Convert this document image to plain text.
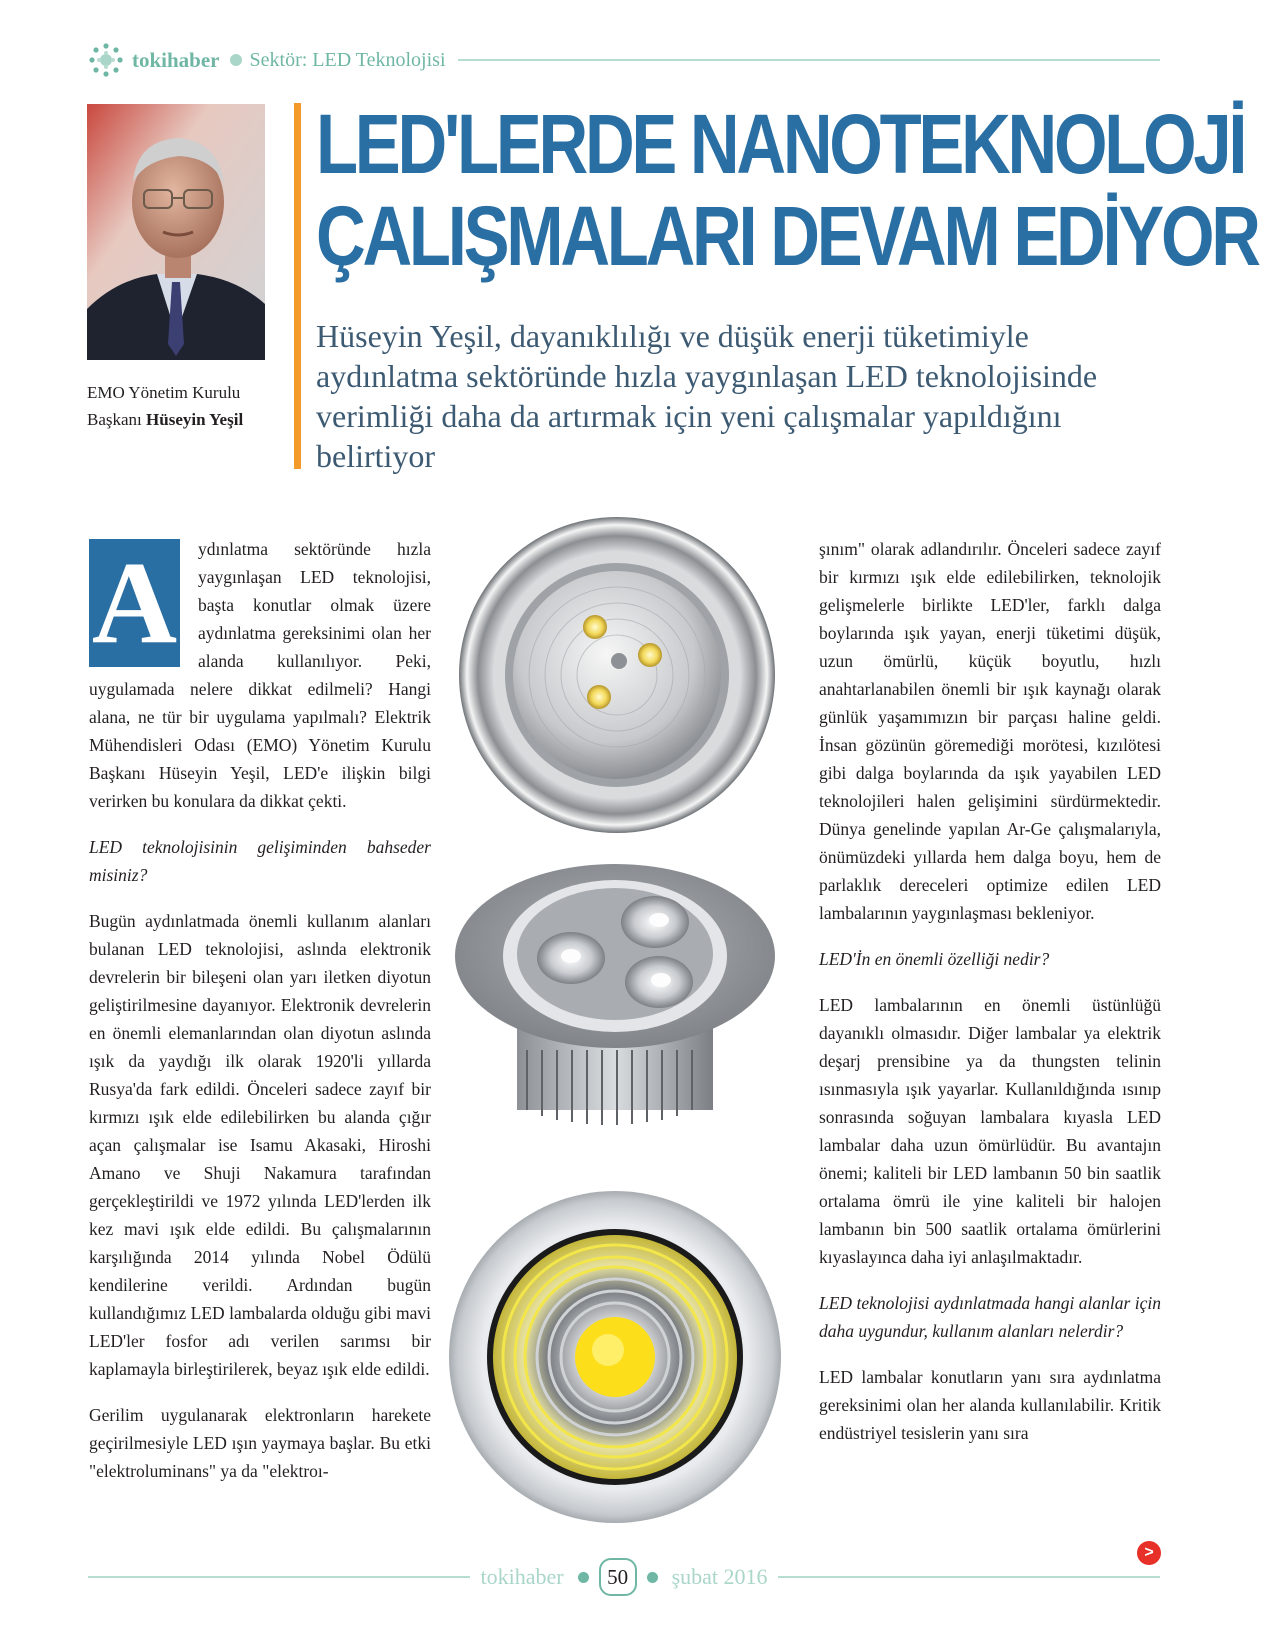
tokihaber Sektör: LED Teknolojisi
EMO Yönetim Kurulu Başkanı Hüseyin Yeşil
LED'LERDE NANOTEKNOLOJİ
ÇALIŞMALARI DEVAM EDİYOR
Hüseyin Yeşil, dayanıklılığı ve düşük enerji tüketimiyle aydınlatma sektöründe hızla yaygınlaşan LED teknolojisinde verimliği daha da artırmak için yeni çalışmalar yapıldığını belirtiyor
A	ydınlatma sektöründe hızla yaygınlaşan LED teknolojisi, başta konutlar olmak üzere aydınlatma gereksinimi olan her alanda kullanılıyor. Peki, uygulamada nelere dikkat edilmeli? Hangi alana, ne tür bir uygulama yapılmalı? Elektrik Mühendisleri Odası (EMO) Yönetim Kurulu Başkanı Hüseyin Yeşil, LED'e ilişkin bilgi verirken bu konulara da dikkat çekti.

LED teknolojisinin gelişiminden bahseder misiniz?

Bugün aydınlatmada önemli kullanım alanları bulanan LED teknolojisi, aslında elektronik devrelerin bir bileşeni olan yarı iletken diyotun geliştirilmesine dayanıyor. Elektronik devrelerin en önemli elemanlarından olan diyotun aslında ışık da yaydığı ilk olarak 1920'li yıllarda Rusya'da fark edildi. Önceleri sadece zayıf bir kırmızı ışık elde edilebilirken bu alanda çığır açan çalışmalar ise Isamu Akasaki, Hiroshi Amano ve Shuji Nakamura tarafından gerçekleştirildi ve 1972 yılında LED'lerden ilk kez mavi ışık elde edildi. Bu çalışmalarının karşılığında 2014 yılında Nobel Ödülü kendilerine verildi. Ardından bugün kullandığımız LED lambalarda olduğu gibi mavi LED'ler fosfor adı verilen sarımsı bir kaplamayla birleştirilerek, beyaz ışık elde edildi.

Gerilim uygulanarak elektronların harekete geçirilmesiyle LED ışın yaymaya başlar. Bu etki "elektroluminans" ya da "elektroı-

şınım" olarak adlandırılır. Önceleri sadece zayıf bir kırmızı ışık elde edilebilirken, teknolojik gelişmelerle birlikte LED'ler, farklı dalga boylarında ışık yayan, enerji tüketimi düşük, uzun ömürlü, küçük boyutlu, hızlı anahtarlanabilen önemli bir ışık kaynağı olarak günlük yaşamımızın bir parçası haline geldi. İnsan gözünün göremediği morötesi, kızılötesi gibi dalga boylarında da ışık yayabilen LED teknolojileri halen gelişimini sürdürmektedir. Dünya genelinde yapılan Ar-Ge çalışmalarıyla, önümüzdeki yıllarda hem dalga boyu, hem de parlaklık dereceleri optimize edilen LED lambalarının yaygınlaşması bekleniyor.

LED'İn en önemli özelliği nedir?

LED lambalarının en önemli üstünlüğü dayanıklı olmasıdır. Diğer lambalar ya elektrik deşarj prensibine ya da thungsten telinin ısınmasıyla ışık yayarlar. Kullanıldığında ısınıp sonrasında soğuyan lambalara kıyasla LED lambalar daha uzun ömürlüdür. Bu avantajın önemi; kaliteli bir LED lambanın 50 bin saatlik ortalama ömrü ile yine kaliteli bir halojen lambanın bin 500 saatlik ortalama ömürlerini kıyaslayınca daha iyi anlaşılmaktadır.

LED teknolojisi aydınlatmada hangi alanlar için daha uygundur, kullanım alanları nelerdir?

LED lambalar konutların yanı sıra aydınlatma gereksinimi olan her alanda kullanılabilir. Kritik endüstriyel tesislerin yanı sıra

>
tokihaber	50	şubat 2016
